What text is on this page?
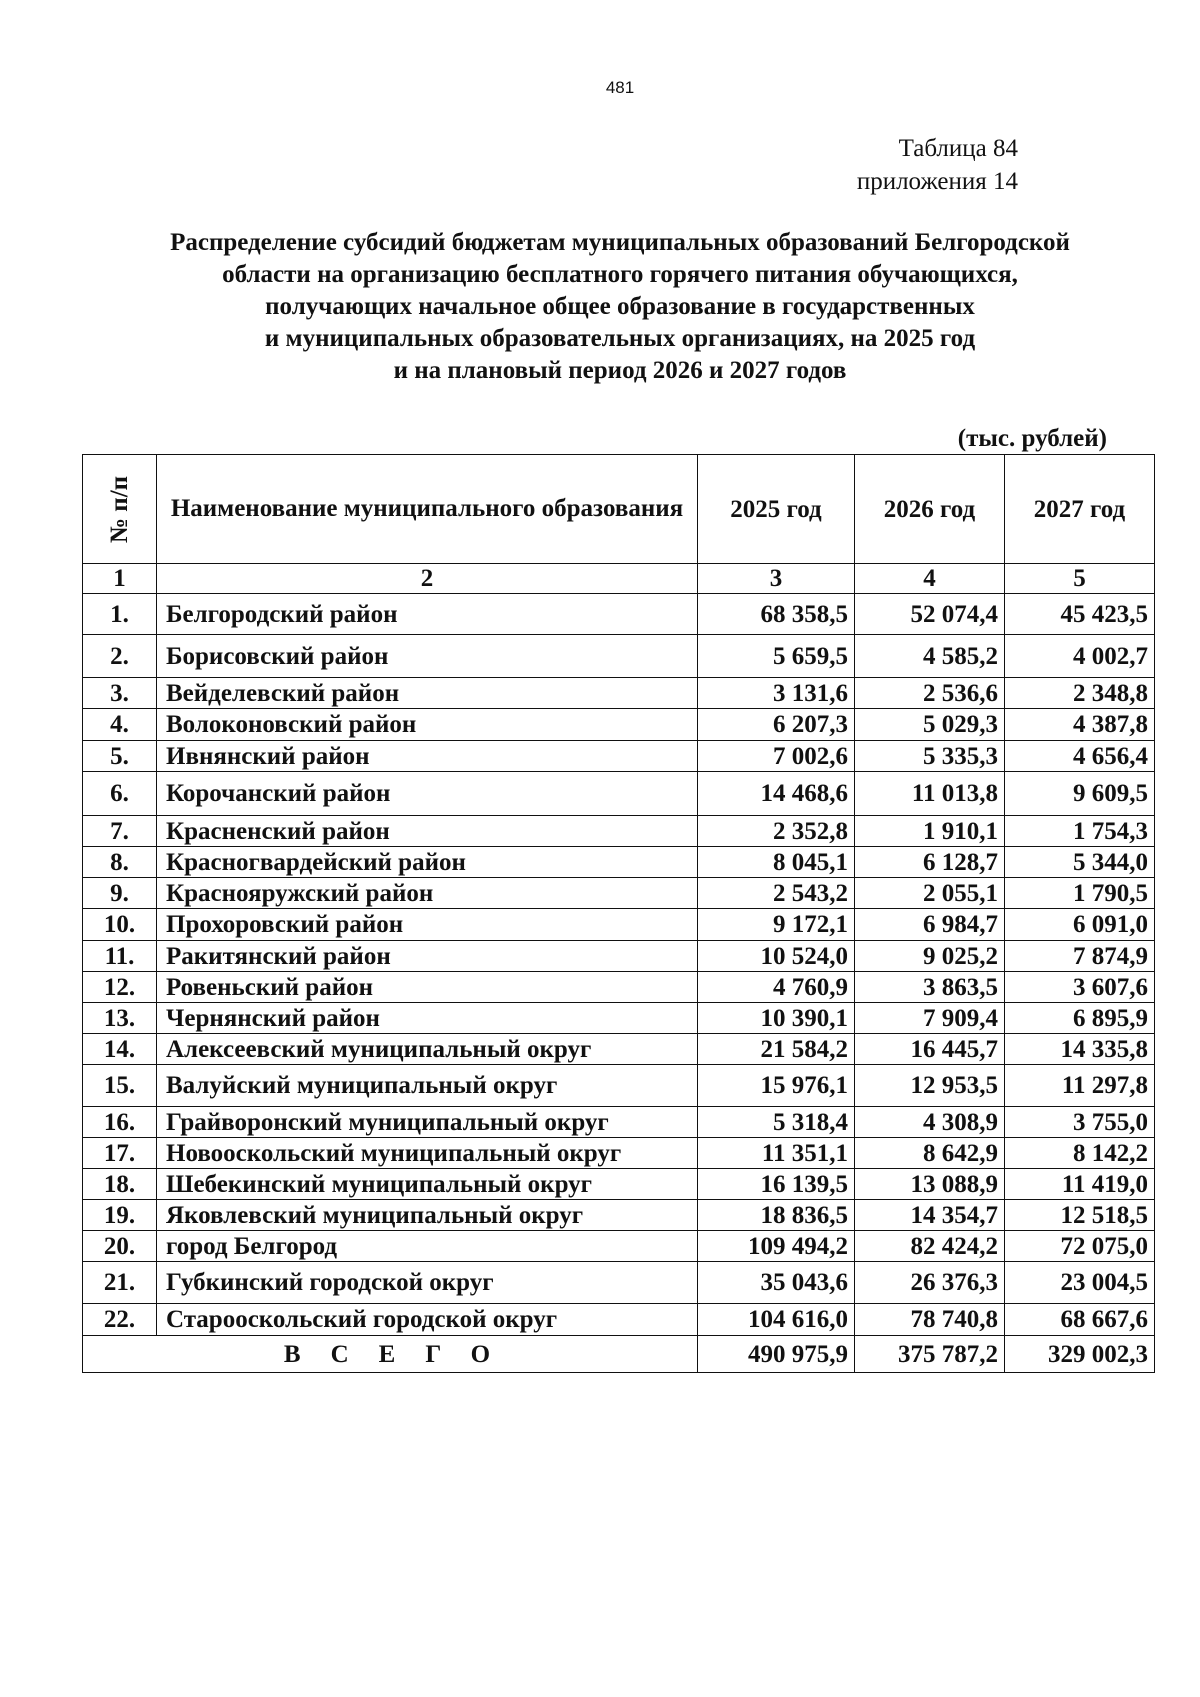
481
Таблица 84
приложения 14
Распределение субсидий бюджетам муниципальных образований Белгородской
области на организацию бесплатного горячего питания обучающихся,
получающих начальное общее образование в государственных
и муниципальных образовательных организациях, на 2025 год
и на плановый период 2026 и 2027 годов
(тыс. рублей)
№ п/п	Наименование муниципального образования	2025 год	2026 год	2027 год
1	2	3	4	5
1.	Белгородский район	68 358,5	52 074,4	45 423,5
2.	Борисовский район	5 659,5	4 585,2	4 002,7
3.	Вейделевский район	3 131,6	2 536,6	2 348,8
4.	Волоконовский район	6 207,3	5 029,3	4 387,8
5.	Ивнянский район	7 002,6	5 335,3	4 656,4
6.	Корочанский район	14 468,6	11 013,8	9 609,5
7.	Красненский район	2 352,8	1 910,1	1 754,3
8.	Красногвардейский район	8 045,1	6 128,7	5 344,0
9.	Краснояружский район	2 543,2	2 055,1	1 790,5
10.	Прохоровский район	9 172,1	6 984,7	6 091,0
11.	Ракитянский район	10 524,0	9 025,2	7 874,9
12.	Ровеньский район	4 760,9	3 863,5	3 607,6
13.	Чернянский район	10 390,1	7 909,4	6 895,9
14.	Алексеевский муниципальный округ	21 584,2	16 445,7	14 335,8
15.	Валуйский муниципальный округ	15 976,1	12 953,5	11 297,8
16.	Грайворонский муниципальный округ	5 318,4	4 308,9	3 755,0
17.	Новооскольский муниципальный округ	11 351,1	8 642,9	8 142,2
18.	Шебекинский муниципальный округ	16 139,5	13 088,9	11 419,0
19.	Яковлевский муниципальный округ	18 836,5	14 354,7	12 518,5
20.	город Белгород	109 494,2	82 424,2	72 075,0
21.	Губкинский городской округ	35 043,6	26 376,3	23 004,5
22.	Старооскольский городской округ	104 616,0	78 740,8	68 667,6
ВСЕГО		490 975,9	375 787,2	329 002,3
